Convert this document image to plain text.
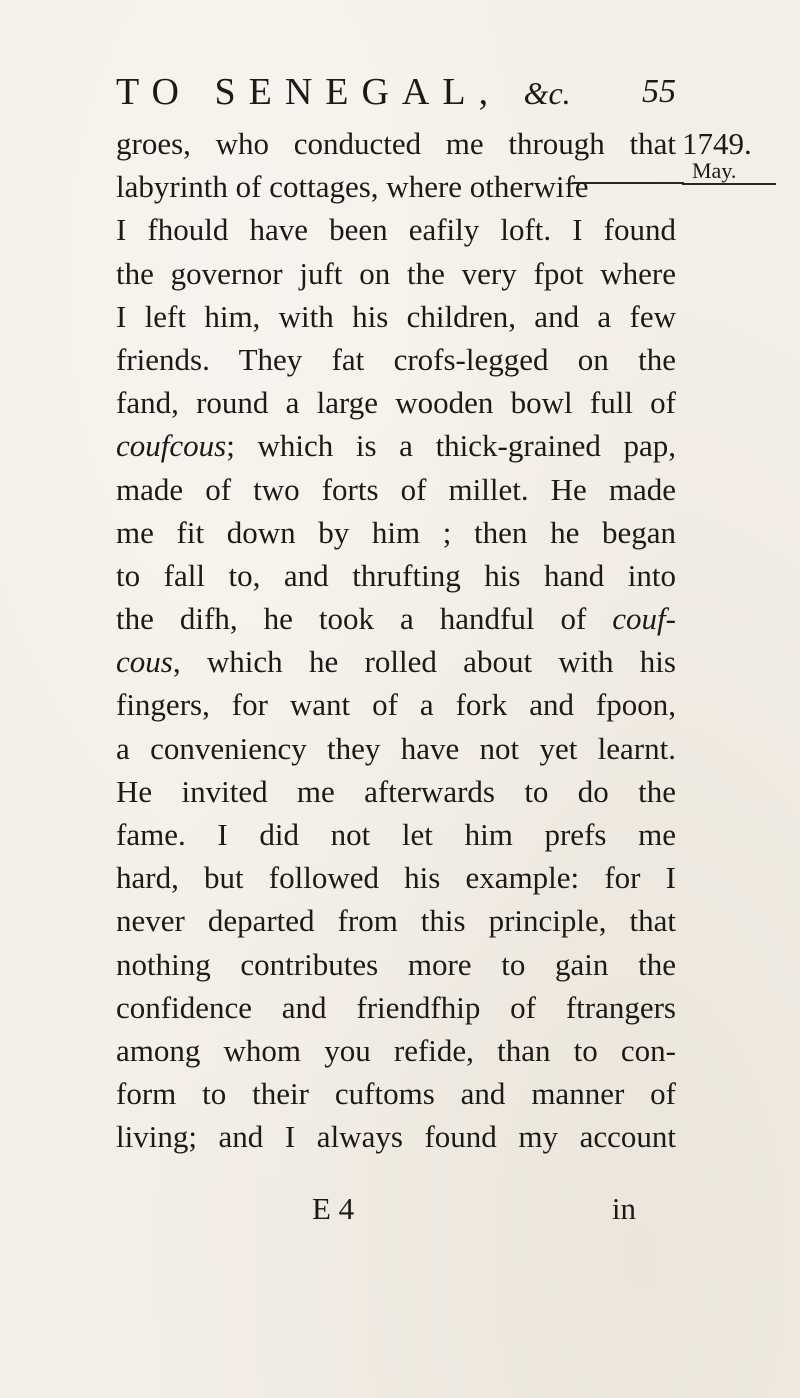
TO SENEGAL, &c. 55
1749.
May.
groes, who conducted me through that
labyrinth of cottages, where otherwife
I fhould have been eafily loft. I found
the governor juft on the very fpot where
I left him, with his children, and a few
friends. They fat crofs-legged on the
fand, round a large wooden bowl full of
coufcous; which is a thick-grained pap,
made of two forts of millet. He made
me fit down by him ; then he began
to fall to, and thrufting his hand into
the difh, he took a handful of couf-
cous, which he rolled about with his
fingers, for want of a fork and fpoon,
a conveniency they have not yet learnt.
He invited me afterwards to do the
fame. I did not let him prefs me
hard, but followed his example: for I
never departed from this principle, that
nothing contributes more to gain the
confidence and friendfhip of ftrangers
among whom you refide, than to con-
form to their cuftoms and manner of
living; and I always found my account
E 4	in
